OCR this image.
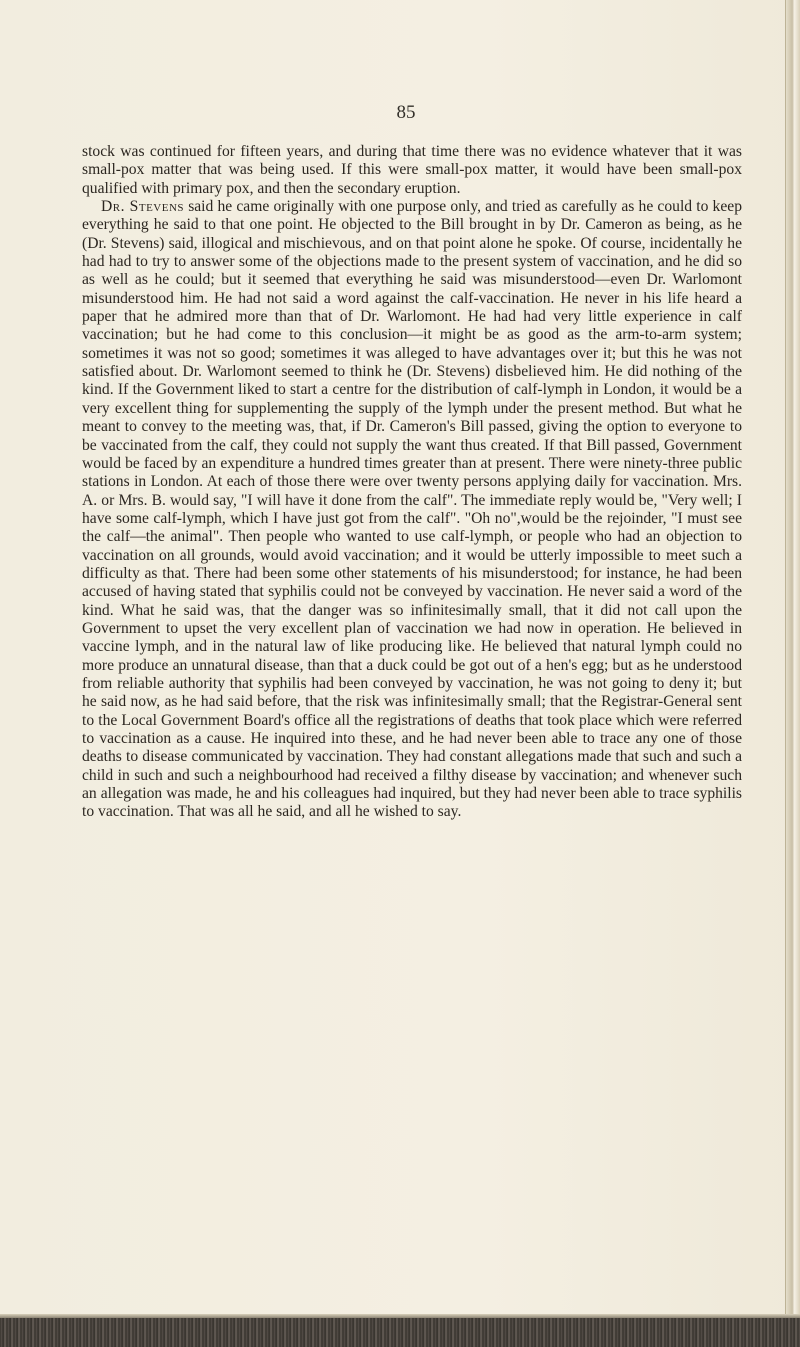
85

stock was continued for fifteen years, and during that time there was no evidence whatever that it was small-pox matter that was being used. If this were small-pox matter, it would have been small-pox qualified with primary pox, and then the secondary eruption.

Dr. Stevens said he came originally with one purpose only, and tried as carefully as he could to keep everything he said to that one point. He objected to the Bill brought in by Dr. Cameron as being, as he (Dr. Stevens) said, illogical and mischievous, and on that point alone he spoke. Of course, incidentally he had had to try to answer some of the objections made to the present system of vaccination, and he did so as well as he could; but it seemed that everything he said was misunderstood—even Dr. Warlomont misunderstood him. He had not said a word against the calf-vaccination. He never in his life heard a paper that he admired more than that of Dr. Warlomont. He had had very little experience in calf vaccination; but he had come to this conclusion—it might be as good as the arm-to-arm system; sometimes it was not so good; sometimes it was alleged to have advantages over it; but this he was not satisfied about. Dr. Warlomont seemed to think he (Dr. Stevens) disbelieved him. He did nothing of the kind. If the Government liked to start a centre for the distribution of calf-lymph in London, it would be a very excellent thing for supplementing the supply of the lymph under the present method. But what he meant to convey to the meeting was, that, if Dr. Cameron's Bill passed, giving the option to everyone to be vaccinated from the calf, they could not supply the want thus created. If that Bill passed, Government would be faced by an expenditure a hundred times greater than at present. There were ninety-three public stations in London. At each of those there were over twenty persons applying daily for vaccination. Mrs. A. or Mrs. B. would say, "I will have it done from the calf". The immediate reply would be, "Very well; I have some calf-lymph, which I have just got from the calf". "Oh no",would be the rejoinder, "I must see the calf—the animal". Then people who wanted to use calf-lymph, or people who had an objection to vaccination on all grounds, would avoid vaccination; and it would be utterly impossible to meet such a difficulty as that. There had been some other statements of his misunderstood; for instance, he had been accused of having stated that syphilis could not be conveyed by vaccination. He never said a word of the kind. What he said was, that the danger was so infinitesimally small, that it did not call upon the Government to upset the very excellent plan of vaccination we had now in operation. He believed in vaccine lymph, and in the natural law of like producing like. He believed that natural lymph could no more produce an unnatural disease, than that a duck could be got out of a hen's egg; but as he understood from reliable authority that syphilis had been conveyed by vaccination, he was not going to deny it; but he said now, as he had said before, that the risk was infinitesimally small; that the Registrar-General sent to the Local Government Board's office all the registrations of deaths that took place which were referred to vaccination as a cause. He inquired into these, and he had never been able to trace any one of those deaths to disease communicated by vaccination. They had constant allegations made that such and such a child in such and such a neighbourhood had received a filthy disease by vaccination; and whenever such an allegation was made, he and his colleagues had inquired, but they had never been able to trace syphilis to vaccination. That was all he said, and all he wished to say.
